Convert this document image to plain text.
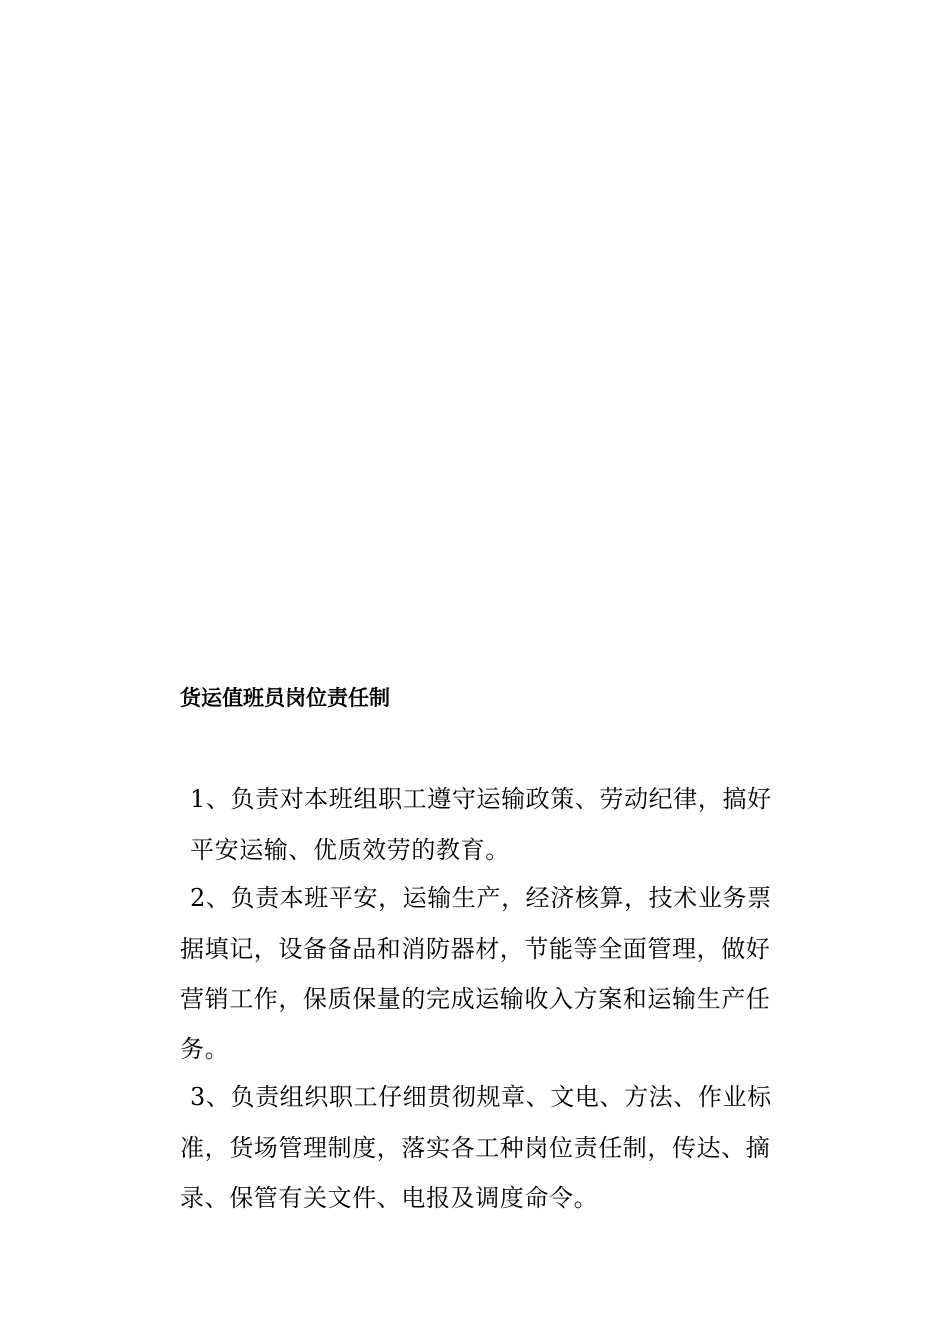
货运值班员岗位责任制
1、负责对本班组职工遵守运输政策、劳动纪律，搞好
平安运输、优质效劳的教育。
2、负责本班平安，运输生产，经济核算，技术业务票
据填记，设备备品和消防器材，节能等全面管理，做好
营销工作，保质保量的完成运输收入方案和运输生产任
务。
3、负责组织职工仔细贯彻规章、文电、方法、作业标
准，货场管理制度，落实各工种岗位责任制，传达、摘
录、保管有关文件、电报及调度命令。
